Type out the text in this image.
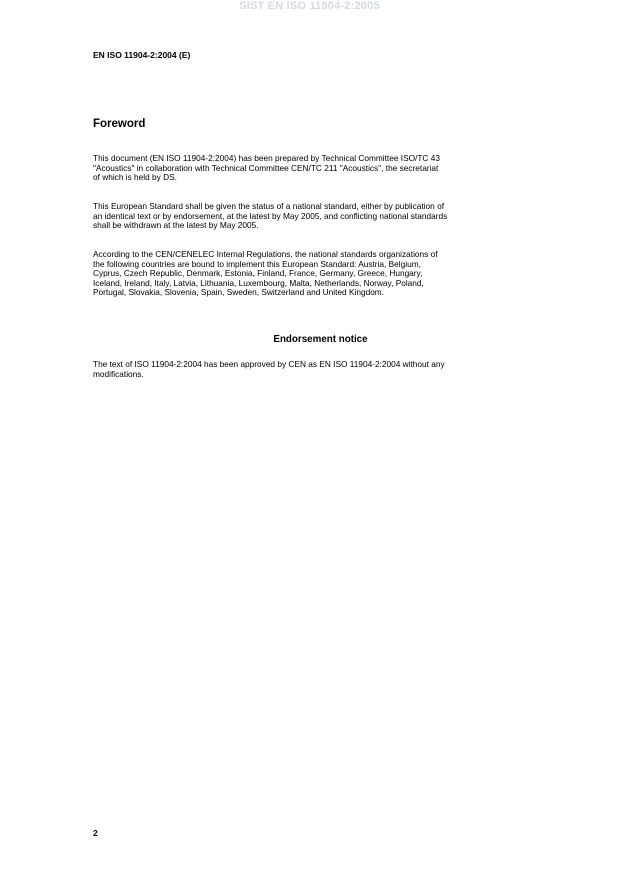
SIST EN ISO 11904-2:2005
EN ISO 11904-2:2004 (E)
Foreword
This document (EN ISO 11904-2:2004) has been prepared by Technical Committee ISO/TC 43
"Acoustics" in collaboration with Technical Committee CEN/TC 211 "Acoustics", the secretariat
of which is held by DS.
This European Standard shall be given the status of a national standard, either by publication of
an identical text or by endorsement, at the latest by May 2005, and conflicting national standards
shall be withdrawn at the latest by May 2005.
According to the CEN/CENELEC Internal Regulations, the national standards organizations of
the following countries are bound to implement this European Standard: Austria, Belgium,
Cyprus, Czech Republic, Denmark, Estonia, Finland, France, Germany, Greece, Hungary,
Iceland, Ireland, Italy, Latvia, Lithuania, Luxembourg, Malta, Netherlands, Norway, Poland,
Portugal, Slovakia, Slovenia, Spain, Sweden, Switzerland and United Kingdom.
Endorsement notice
The text of ISO 11904-2:2004 has been approved by CEN as EN ISO 11904-2:2004 without any
modifications.
2
